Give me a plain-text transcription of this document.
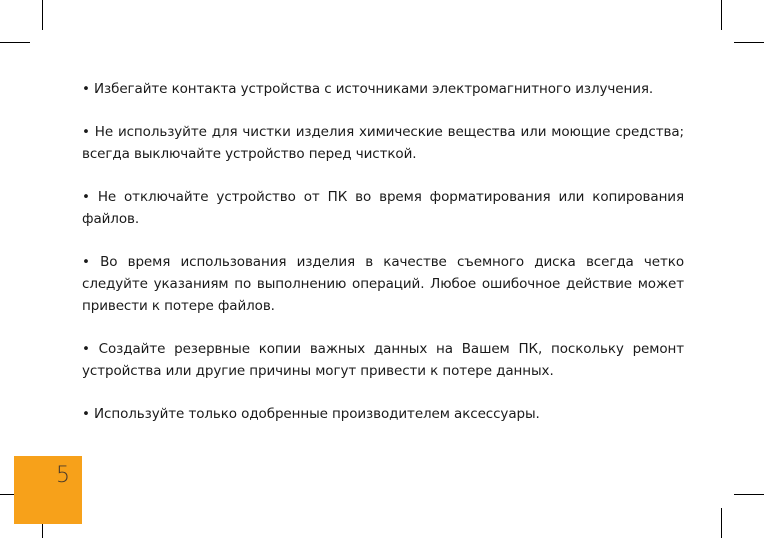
• Избегайте контакта устройства с источниками электромагнитного излучения.

• Не используйте для чистки изделия химические вещества или моющие средства; всегда выключайте устройство перед чисткой.

• Не отключайте устройство от ПК во время форматирования или копирования файлов.

• Во время использования изделия в качестве съемного диска всегда четко следуйте указаниям по выполнению операций. Любое ошибочное действие может привести к потере файлов.

• Создайте резервные копии важных данных на Вашем ПК, поскольку ремонт устройства или другие причины могут привести к потере данных.

• Используйте только одобренные производителем аксессуары.

5
